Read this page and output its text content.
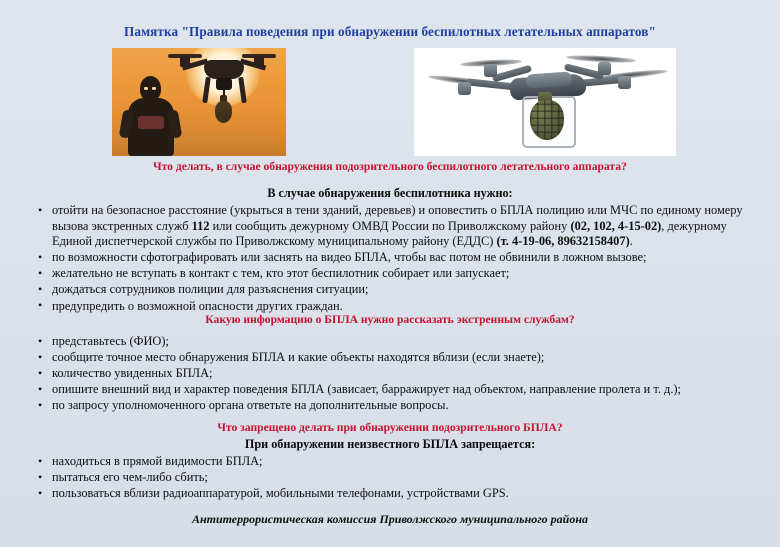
Памятка "Правила поведения при обнаружении беспилотных летательных аппаратов"
Что делать, в случае обнаружения подозрительного беспилотного летательного аппарата?
В случае обнаружения беспилотника нужно:
• отойти на безопасное расстояние (укрыться в тени зданий, деревьев) и оповестить о БПЛА полицию или МЧС по единому номеру вызова экстренных служб 112 или сообщить дежурному ОМВД России по Приволжскому району (02, 102, 4-15-02), дежурному Единой диспетчерской службы по Приволжскому муниципальному району (ЕДДС) (т. 4-19-06, 89632158407).
• по возможности сфотографировать или заснять на видео БПЛА, чтобы вас потом не обвинили в ложном вызове;
• желательно не вступать в контакт с тем, кто этот беспилотник собирает или запускает;
• дождаться сотрудников полиции для разъяснения ситуации;
• предупредить о возможной опасности других граждан.
Какую информацию о БПЛА нужно рассказать экстренным службам?
• представьтесь (ФИО);
• сообщите точное место обнаружения БПЛА и какие объекты находятся вблизи (если знаете);
• количество увиденных БПЛА;
• опишите внешний вид и характер поведения БПЛА (зависает, барражирует над объектом, направление пролета и т. д.);
• по запросу уполномоченного органа ответьте на дополнительные вопросы.
Что запрещено делать при обнаружении подозрительного БПЛА?
При обнаружении неизвестного БПЛА запрещается:
• находиться в прямой видимости БПЛА;
• пытаться его чем-либо сбить;
• пользоваться вблизи радиоаппаратурой, мобильными телефонами, устройствами GPS.
Антитеррористическая комиссия Приволжского муниципального района
